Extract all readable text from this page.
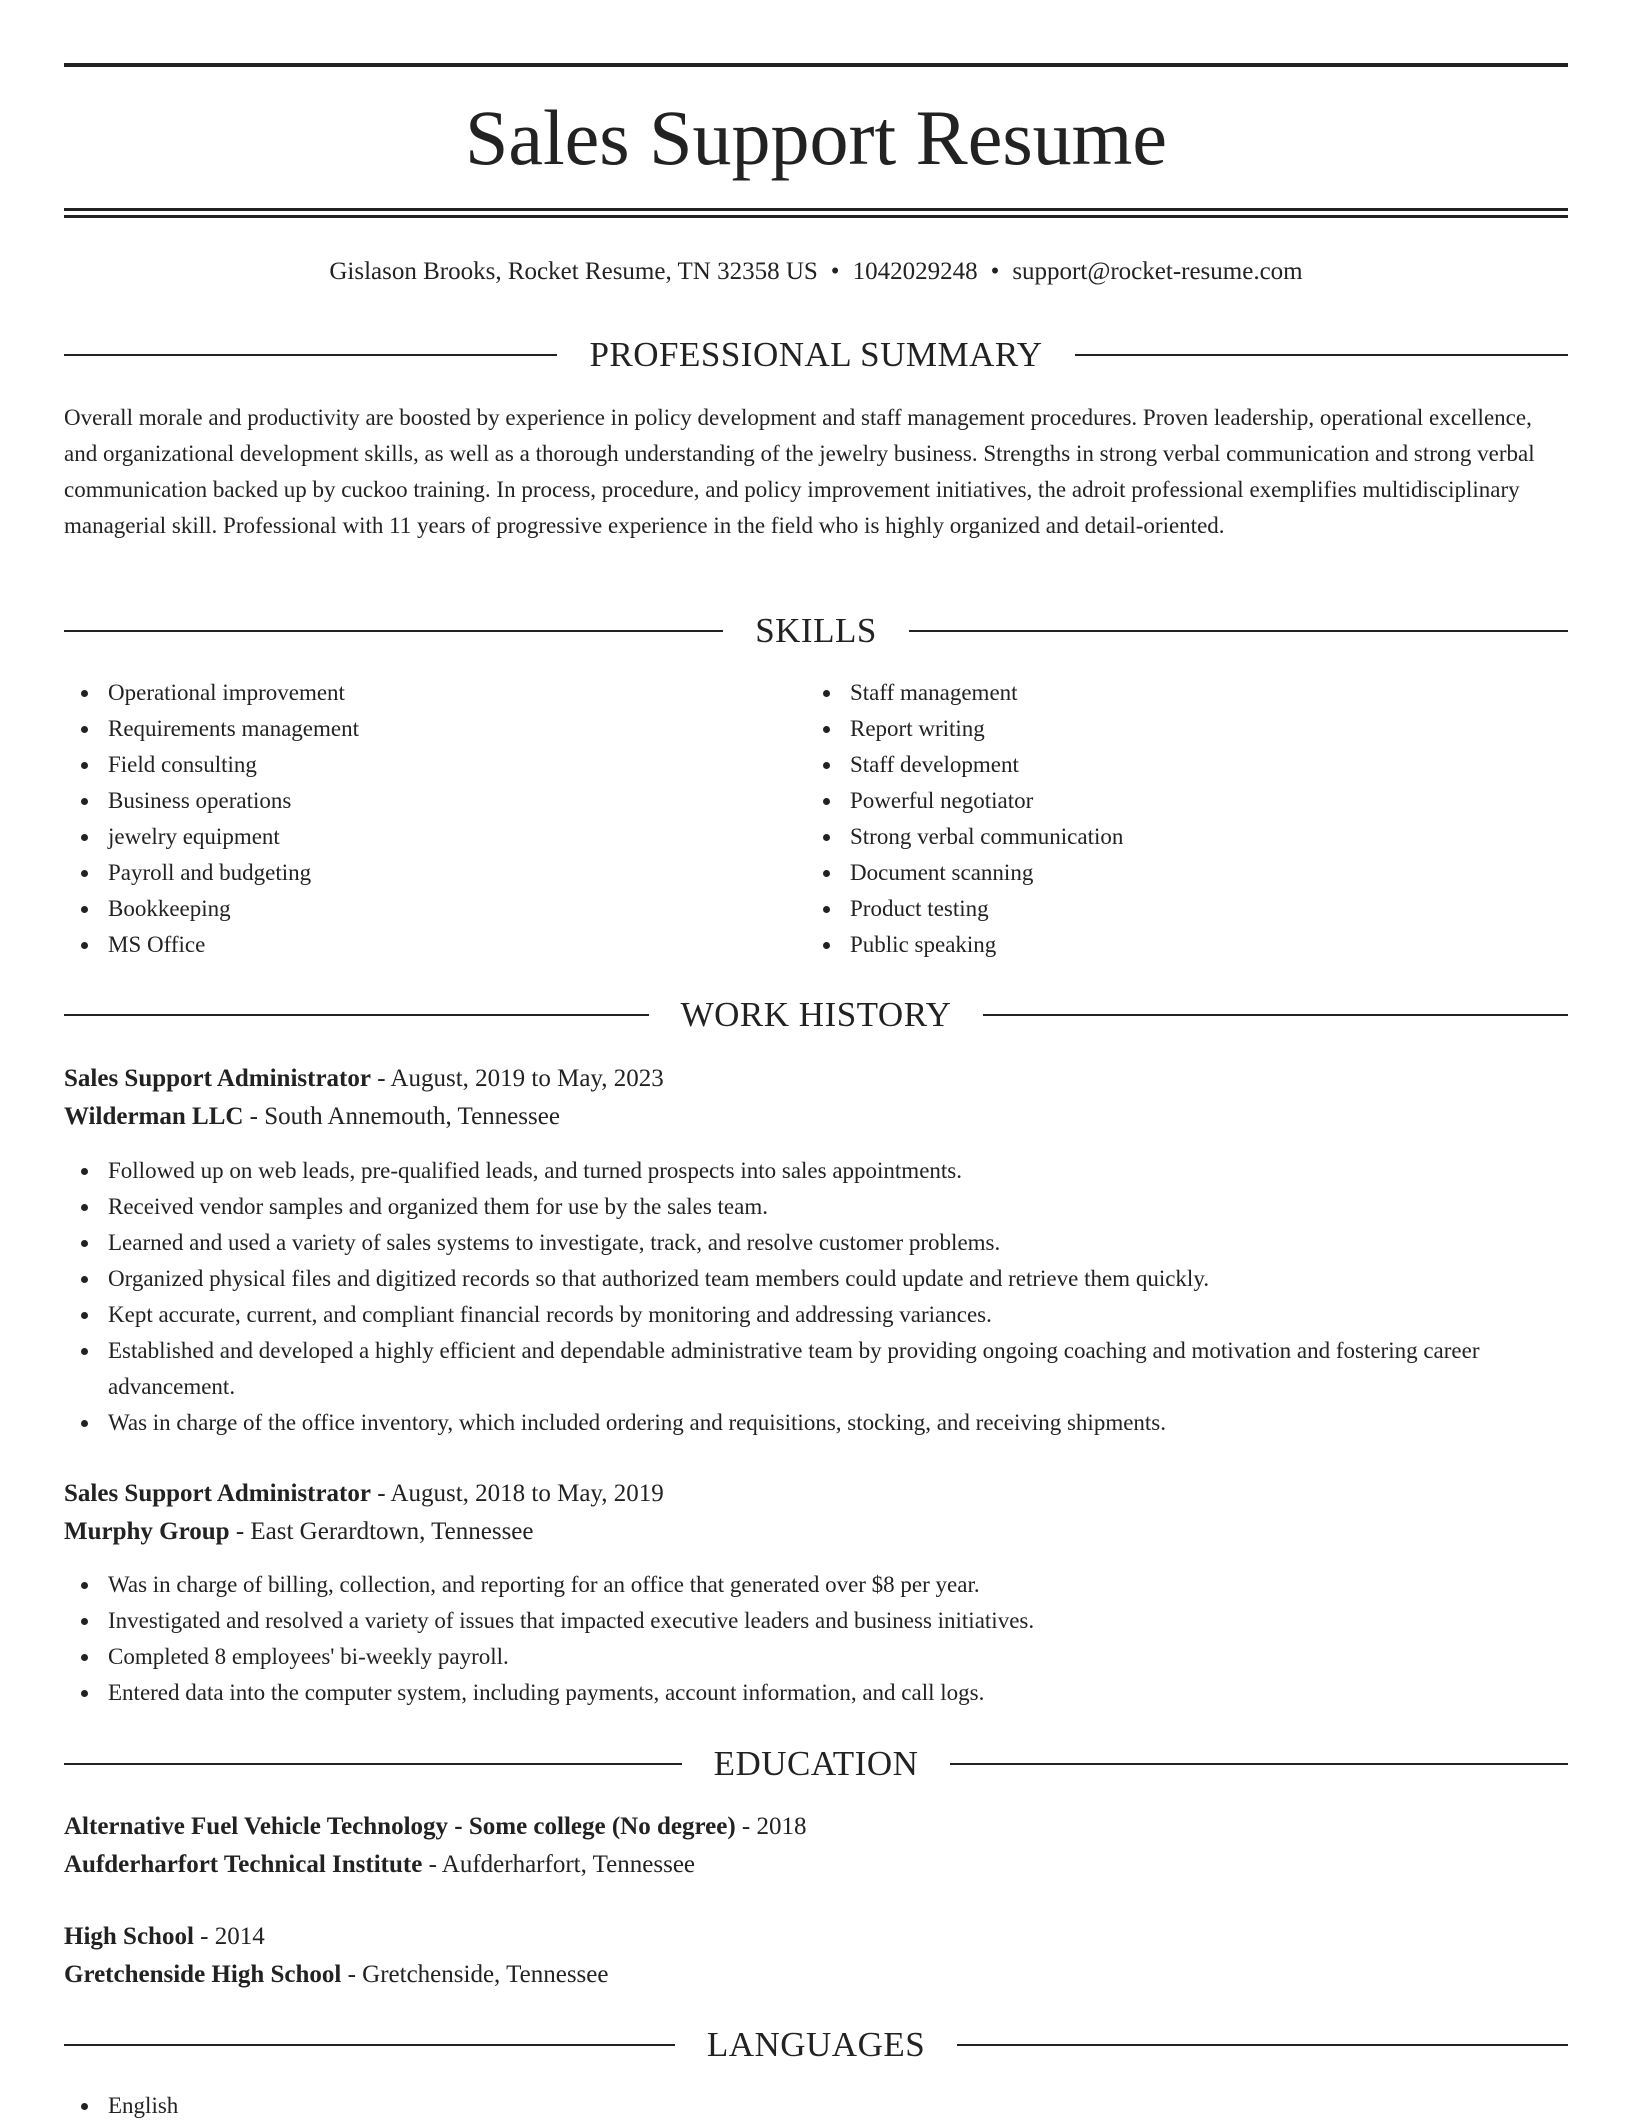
Sales Support Resume
Gislason Brooks, Rocket Resume, TN 32358 US • 1042029248 • support@rocket-resume.com
PROFESSIONAL SUMMARY

Overall morale and productivity are boosted by experience in policy development and staff management procedures. Proven leadership, operational excellence, and organizational development skills, as well as a thorough understanding of the jewelry business. Strengths in strong verbal communication and strong verbal communication backed up by cuckoo training. In process, procedure, and policy improvement initiatives, the adroit professional exemplifies multidisciplinary managerial skill. Professional with 11 years of progressive experience in the field who is highly organized and detail-oriented.

SKILLS
Operational improvement
Requirements management
Field consulting
Business operations
jewelry equipment
Payroll and budgeting
Bookkeeping
MS Office
Staff management
Report writing
Staff development
Powerful negotiator
Strong verbal communication
Document scanning
Product testing
Public speaking
WORK HISTORY
Sales Support Administrator - August, 2019 to May, 2023
Wilderman LLC - South Annemouth, Tennessee
Followed up on web leads, pre-qualified leads, and turned prospects into sales appointments.
Received vendor samples and organized them for use by the sales team.
Learned and used a variety of sales systems to investigate, track, and resolve customer problems.
Organized physical files and digitized records so that authorized team members could update and retrieve them quickly.
Kept accurate, current, and compliant financial records by monitoring and addressing variances.
Established and developed a highly efficient and dependable administrative team by providing ongoing coaching and motivation and fostering career advancement.
Was in charge of the office inventory, which included ordering and requisitions, stocking, and receiving shipments.
Sales Support Administrator - August, 2018 to May, 2019
Murphy Group - East Gerardtown, Tennessee
Was in charge of billing, collection, and reporting for an office that generated over $8 per year.
Investigated and resolved a variety of issues that impacted executive leaders and business initiatives.
Completed 8 employees' bi-weekly payroll.
Entered data into the computer system, including payments, account information, and call logs.
EDUCATION
Alternative Fuel Vehicle Technology - Some college (No degree) - 2018
Aufderharfort Technical Institute - Aufderharfort, Tennessee
High School - 2014
Gretchenside High School - Gretchenside, Tennessee
LANGUAGES
English
